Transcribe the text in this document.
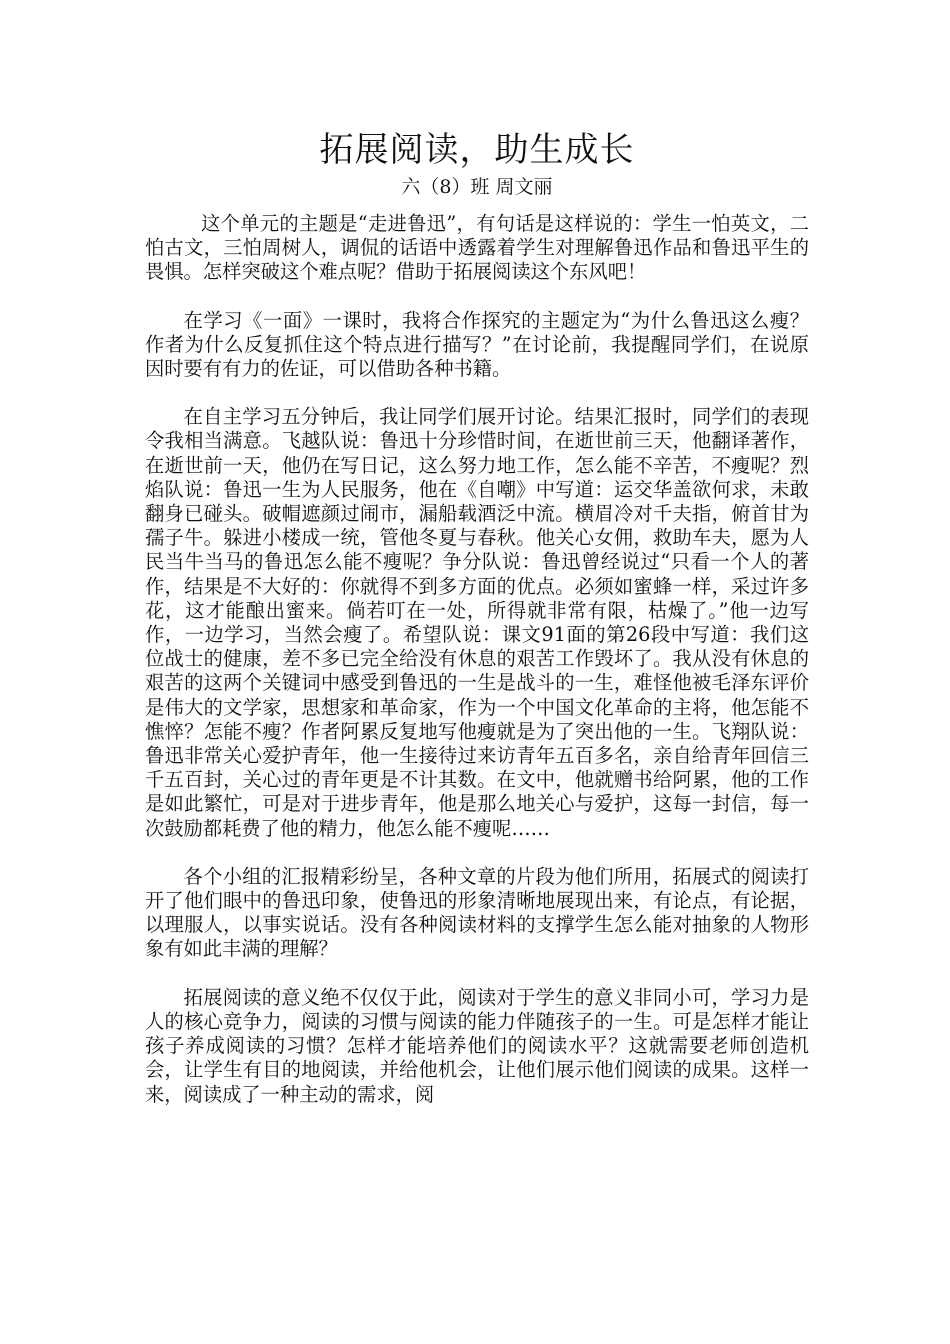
拓展阅读，助生成长
六（8）班 周文丽

这个单元的主题是“走进鲁迅”，有句话是这样说的：学生一怕英文，二怕古文，三怕周树人，调侃的话语中透露着学生对理解鲁迅作品和鲁迅平生的畏惧。怎样突破这个难点呢？借助于拓展阅读这个东风吧！

在学习《一面》一课时，我将合作探究的主题定为“为什么鲁迅这么瘦？作者为什么反复抓住这个特点进行描写？”在讨论前，我提醒同学们，在说原因时要有有力的佐证，可以借助各种书籍。

在自主学习五分钟后，我让同学们展开讨论。结果汇报时，同学们的表现令我相当满意。飞越队说：鲁迅十分珍惜时间，在逝世前三天，他翻译著作，在逝世前一天，他仍在写日记，这么努力地工作，怎么能不辛苦，不瘦呢？烈焰队说：鲁迅一生为人民服务，他在《自嘲》中写道：运交华盖欲何求，未敢翻身已碰头。破帽遮颜过闹市，漏船载酒泛中流。横眉冷对千夫指，俯首甘为孺子牛。躲进小楼成一统，管他冬夏与春秋。他关心女佣，救助车夫，愿为人民当牛当马的鲁迅怎么能不瘦呢？争分队说：鲁迅曾经说过“只看一个人的著作，结果是不大好的：你就得不到多方面的优点。必须如蜜蜂一样，采过许多花，这才能酿出蜜来。倘若叮在一处，所得就非常有限，枯燥了。”他一边写作，一边学习，当然会瘦了。希望队说：课文91面的第26段中写道：我们这位战士的健康，差不多已完全给没有休息的艰苦工作毁坏了。我从没有休息的艰苦的这两个关键词中感受到鲁迅的一生是战斗的一生，难怪他被毛泽东评价是伟大的文学家，思想家和革命家，作为一个中国文化革命的主将，他怎能不憔悴？怎能不瘦？作者阿累反复地写他瘦就是为了突出他的一生。飞翔队说：鲁迅非常关心爱护青年，他一生接待过来访青年五百多名，亲自给青年回信三千五百封，关心过的青年更是不计其数。在文中，他就赠书给阿累，他的工作是如此繁忙，可是对于进步青年，他是那么地关心与爱护，这每一封信，每一次鼓励都耗费了他的精力，他怎么能不瘦呢……

各个小组的汇报精彩纷呈，各种文章的片段为他们所用，拓展式的阅读打开了他们眼中的鲁迅印象，使鲁迅的形象清晰地展现出来，有论点，有论据，以理服人，以事实说话。没有各种阅读材料的支撑学生怎么能对抽象的人物形象有如此丰满的理解？

拓展阅读的意义绝不仅仅于此，阅读对于学生的意义非同小可，学习力是人的核心竞争力，阅读的习惯与阅读的能力伴随孩子的一生。可是怎样才能让孩子养成阅读的习惯？怎样才能培养他们的阅读水平？这就需要老师创造机会，让学生有目的地阅读，并给他机会，让他们展示他们阅读的成果。这样一来，阅读成了一种主动的需求，阅
